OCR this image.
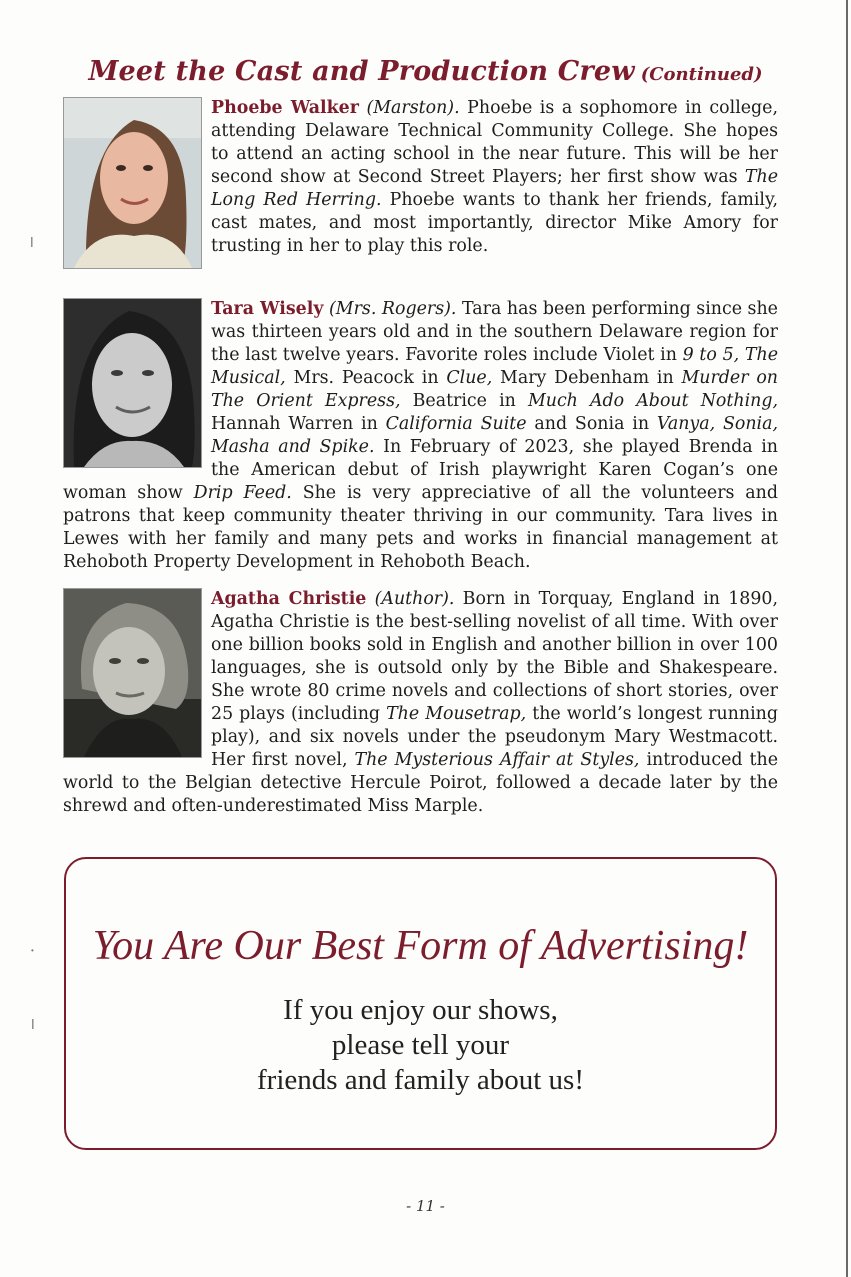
ǀ
•
ǀ
Meet the Cast and Production Crew (Continued)
Phoebe Walker (Marston). Phoebe is a sophomore in college, attending Delaware Technical Community College. She hopes to attend an acting school in the near future. This will be her second show at Second Street Players; her first show was The Long Red Herring. Phoebe wants to thank her friends, family, cast mates, and most importantly, director Mike Amory for trusting in her to play this role.
Tara Wisely (Mrs. Rogers). Tara has been performing since she was thirteen years old and in the southern Delaware region for the last twelve years. Favorite roles include Violet in 9 to 5, The Musical, Mrs. Peacock in Clue, Mary Debenham in Murder on The Orient Express, Beatrice in Much Ado About Nothing, Hannah Warren in California Suite and Sonia in Vanya, Sonia, Masha and Spike. In February of 2023, she played Brenda in the American debut of Irish playwright Karen Cogan’s one woman show Drip Feed. She is very appreciative of all the volunteers and patrons that keep community theater thriving in our community. Tara lives in Lewes with her family and many pets and works in financial management at Rehoboth Property Development in Rehoboth Beach.
Agatha Christie (Author). Born in Torquay, England in 1890, Agatha Christie is the best-selling novelist of all time. With over one billion books sold in English and another billion in over 100 languages, she is outsold only by the Bible and Shakespeare. She wrote 80 crime novels and collections of short stories, over 25 plays (including The Mousetrap, the world’s longest running play), and six novels under the pseudonym Mary Westmacott. Her first novel, The Mysterious Affair at Styles, introduced the world to the Belgian detective Hercule Poirot, followed a decade later by the shrewd and often-underestimated Miss Marple.
You Are Our Best Form of Advertising!
If you enjoy our shows,
please tell your
friends and family about us!
- 11 -
